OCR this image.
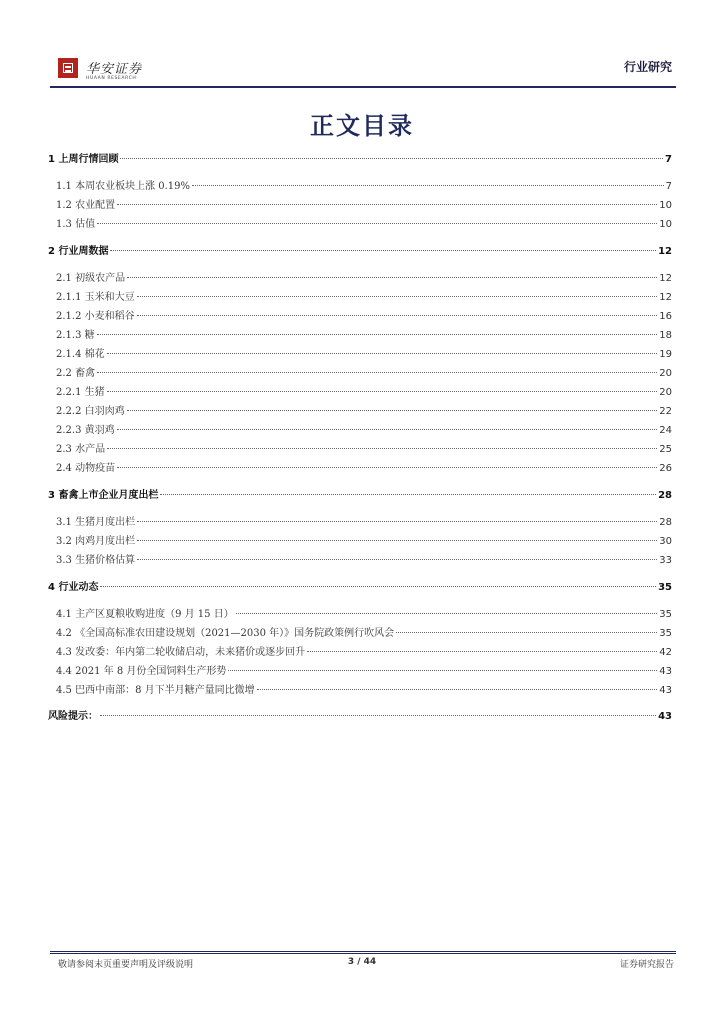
华安证券
HUAAN RESEARCH
行业研究
正文目录
1 上周行情回顾	7
1.1 本周农业板块上涨 0.19%	7
1.2 农业配置	10
1.3 估值	10
2 行业周数据	12
2.1 初级农产品	12
2.1.1 玉米和大豆	12
2.1.2 小麦和稻谷	16
2.1.3 糖	18
2.1.4 棉花	19
2.2 畜禽	20
2.2.1 生猪	20
2.2.2 白羽肉鸡	22
2.2.3 黄羽鸡	24
2.3 水产品	25
2.4 动物疫苗	26
3 畜禽上市企业月度出栏	28
3.1 生猪月度出栏	28
3.2 肉鸡月度出栏	30
3.3 生猪价格估算	33
4 行业动态	35
4.1 主产区夏粮收购进度（9 月 15 日）	35
4.2 《全国高标准农田建设规划（2021—2030 年）》国务院政策例行吹风会	35
4.3 发改委：年内第二轮收储启动，未来猪价或逐步回升	42
4.4 2021 年 8 月份全国饲料生产形势	43
4.5 巴西中南部：8 月下半月糖产量同比微增	43
风险提示：	43
敬请参阅末页重要声明及评级说明	3 / 44	证券研究报告
